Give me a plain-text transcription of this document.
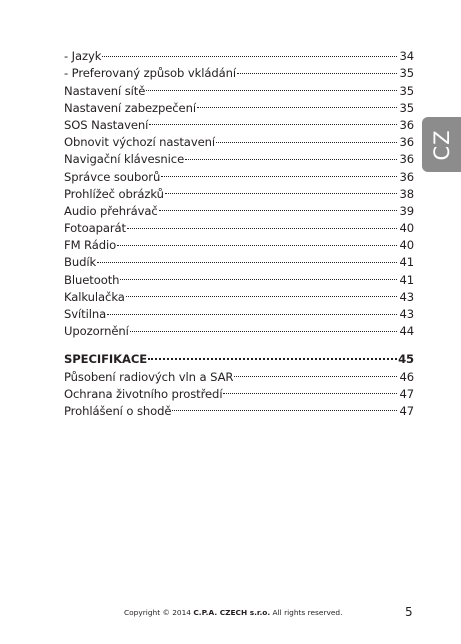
- Jazyk	34
- Preferovaný způsob vkládání	35
Nastavení sítě	35
Nastavení zabezpečení	35
SOS Nastavení	36
Obnovit výchozí nastavení	36
Navigační klávesnice	36
Správce souborů	36
Prohlížeč obrázků	38
Audio přehrávač	39
Fotoaparát	40
FM Rádio	40
Budík	41
Bluetooth	41
Kalkulačka	43
Svítilna	43
Upozornění	44
SPECIFIKACE	45
Působení radiových vln a SAR	46
Ochrana životního prostředí	47
Prohlášení o shodě	47
CZ
Copyright © 2014 C.P.A. CZECH s.r.o. All rights reserved.	5
